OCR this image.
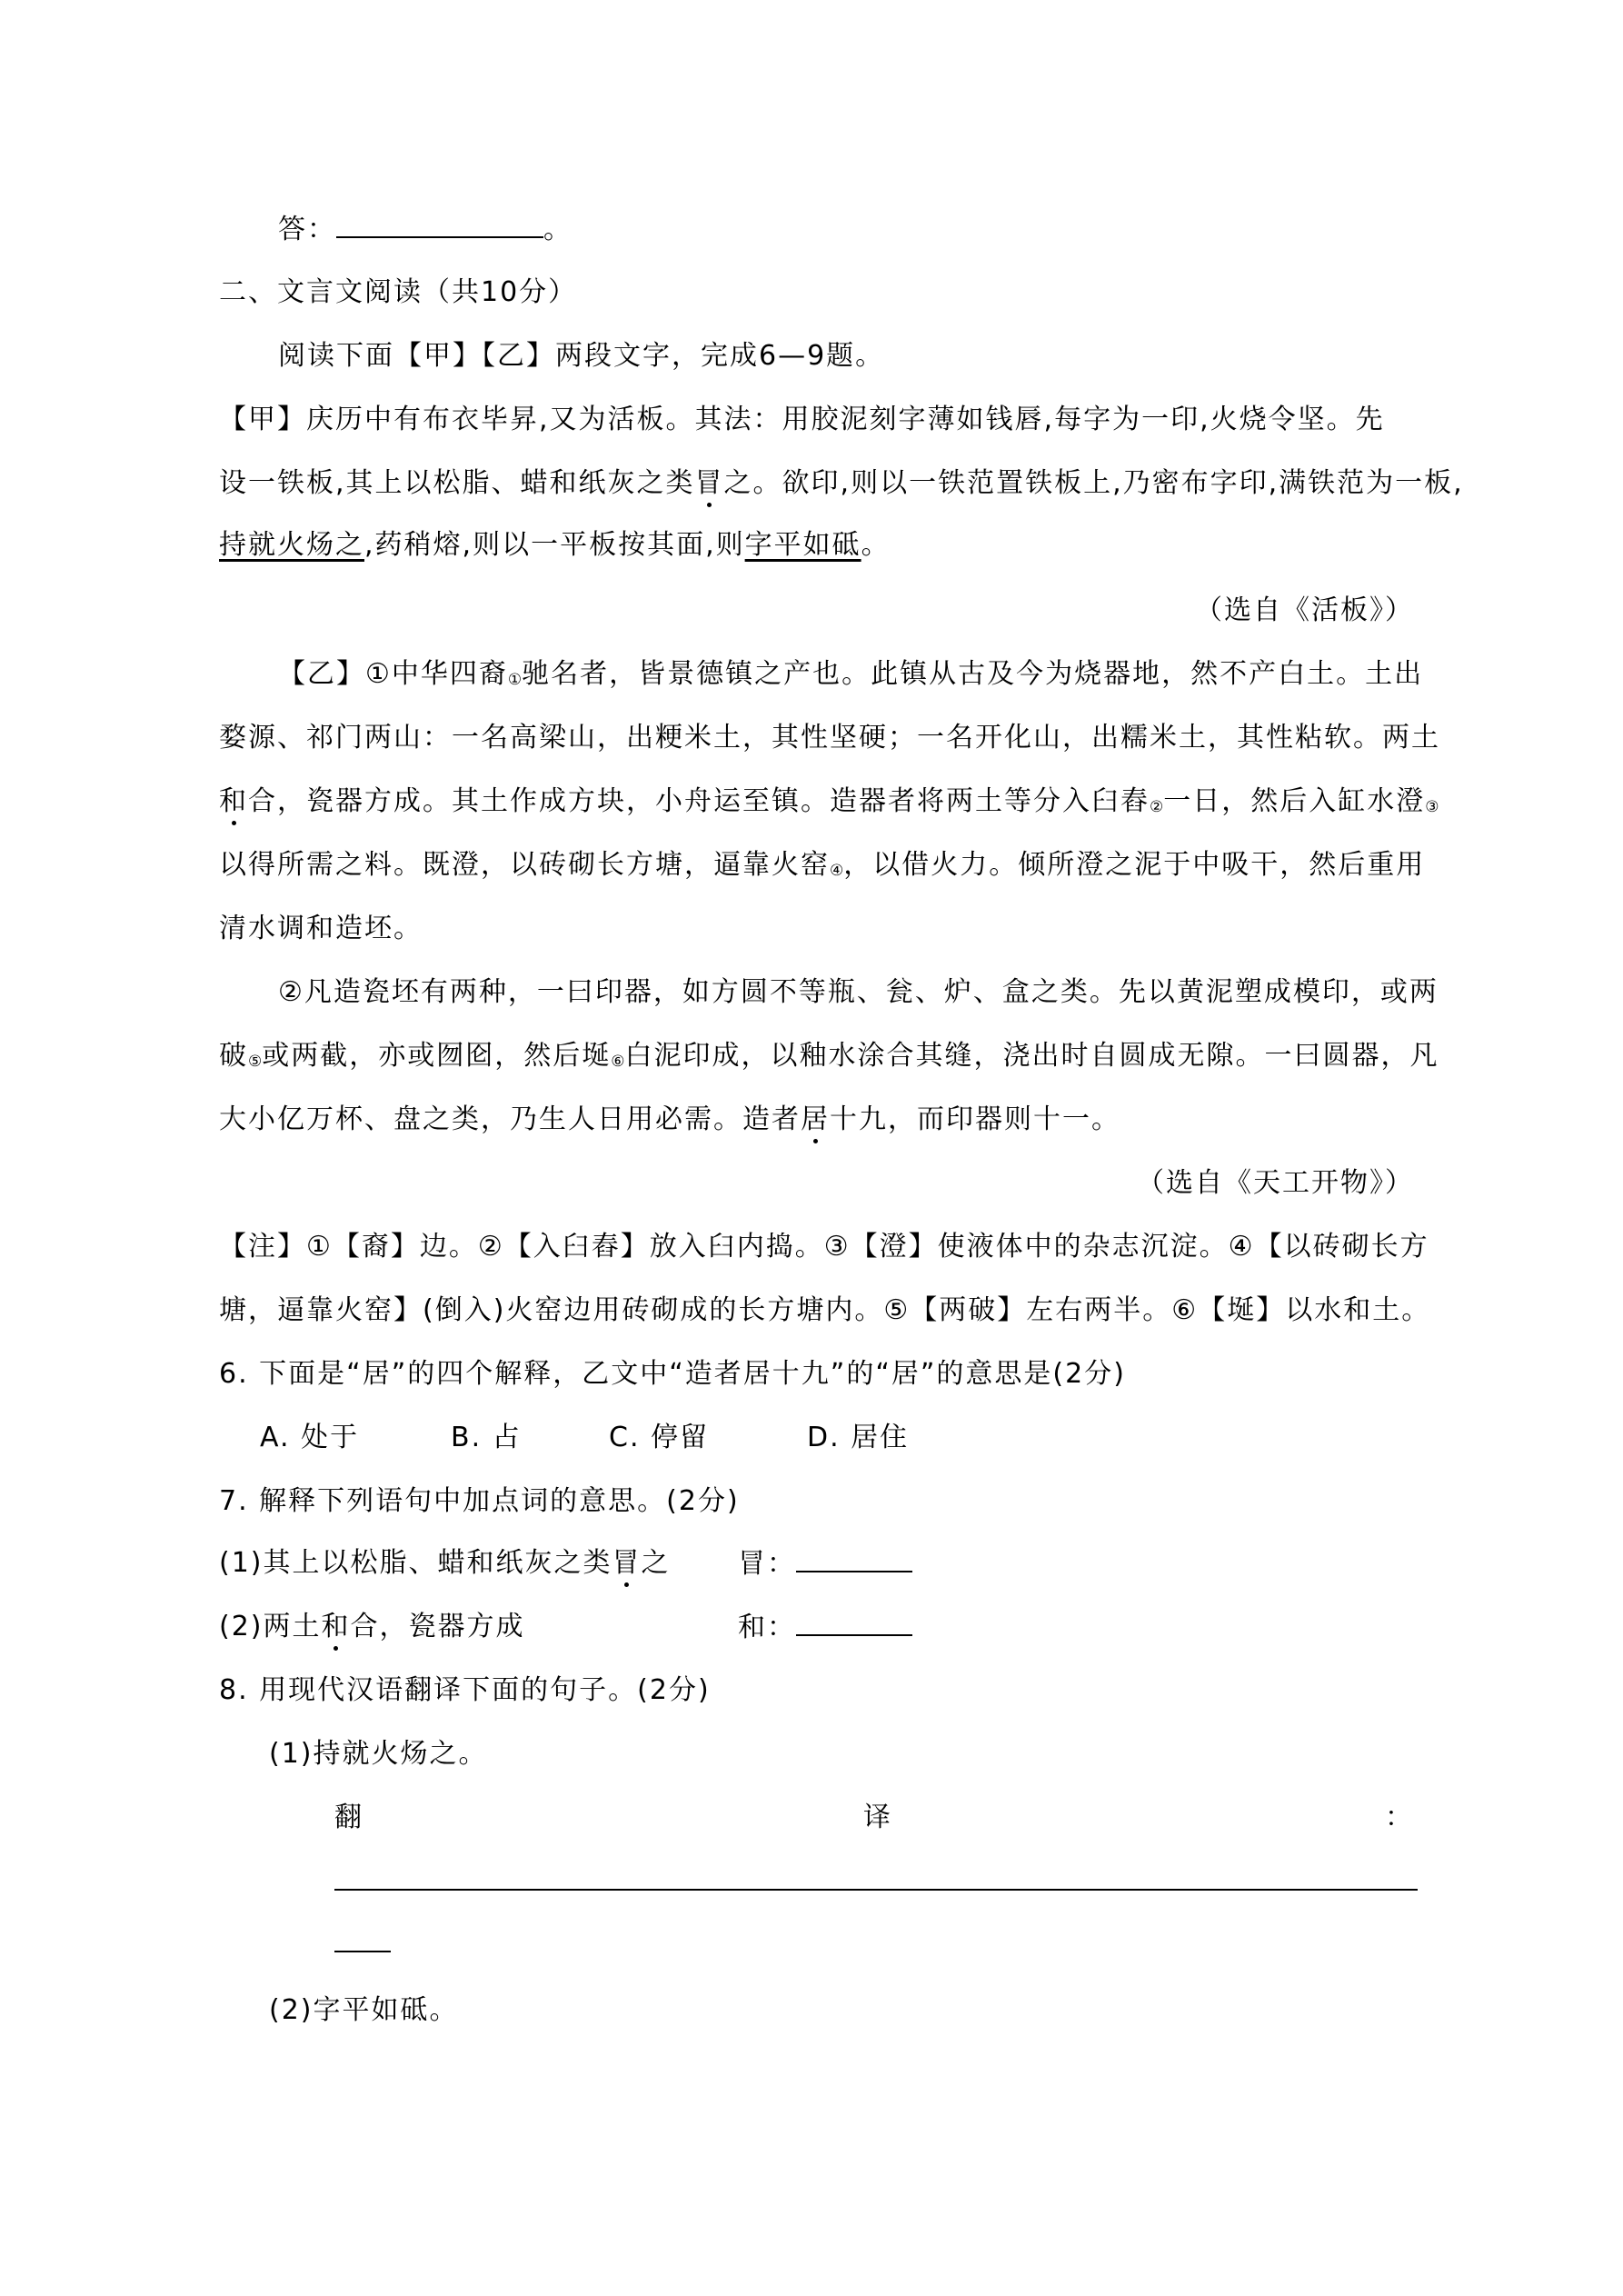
答：	。
二、文言文阅读（共10分）
阅读下面【甲】【乙】两段文字，完成6—9题。
【甲】庆历中有布衣毕昇,又为活板。其法：用胶泥刻字薄如钱唇,每字为一印,火烧令坚。先
设一铁板,其上以松脂、蜡和纸灰之类冒之。欲印,则以一铁范置铁板上,乃密布字印,满铁范为一板,
持就火炀之,药稍熔,则以一平板按其面,则字平如砥。
（选自《活板》）
【乙】①中华四裔①驰名者，皆景德镇之产也。此镇从古及今为烧器地，然不产白土。土出
婺源、祁门两山：一名高梁山，出粳米土，其性坚硬；一名开化山，出糯米土，其性粘软。两土
和合，瓷器方成。其土作成方块，小舟运至镇。造器者将两土等分入臼舂②一日，然后入缸水澄③
以得所需之料。既澄，以砖砌长方塘，逼靠火窑④，以借火力。倾所澄之泥于中吸干，然后重用
清水调和造坯。
②凡造瓷坯有两种，一曰印器，如方圆不等瓶、瓮、炉、盒之类。先以黄泥塑成模印，或两
破⑤或两截，亦或囫囵，然后埏⑥白泥印成，以釉水涂合其缝，浇出时自圆成无隙。一曰圆器，凡
大小亿万杯、盘之类，乃生人日用必需。造者居十九，而印器则十一。
（选自《天工开物》）
【注】①【裔】边。②【入臼舂】放入臼内捣。③【澄】使液体中的杂志沉淀。④【以砖砌长方
塘，逼靠火窑】(倒入)火窑边用砖砌成的长方塘内。⑤【两破】左右两半。⑥【埏】以水和土。
6. 下面是“居”的四个解释，乙文中“造者居十九”的“居”的意思是(2分)
A. 处于	B. 占	C. 停留	D. 居住
7. 解释下列语句中加点词的意思。(2分)
(1)其上以松脂、蜡和纸灰之类冒之 冒：
(2)两土和合，瓷器方成	和：
8. 用现代汉语翻译下面的句子。(2分)
(1)持就火炀之。
翻	译	：
(2)字平如砥。
